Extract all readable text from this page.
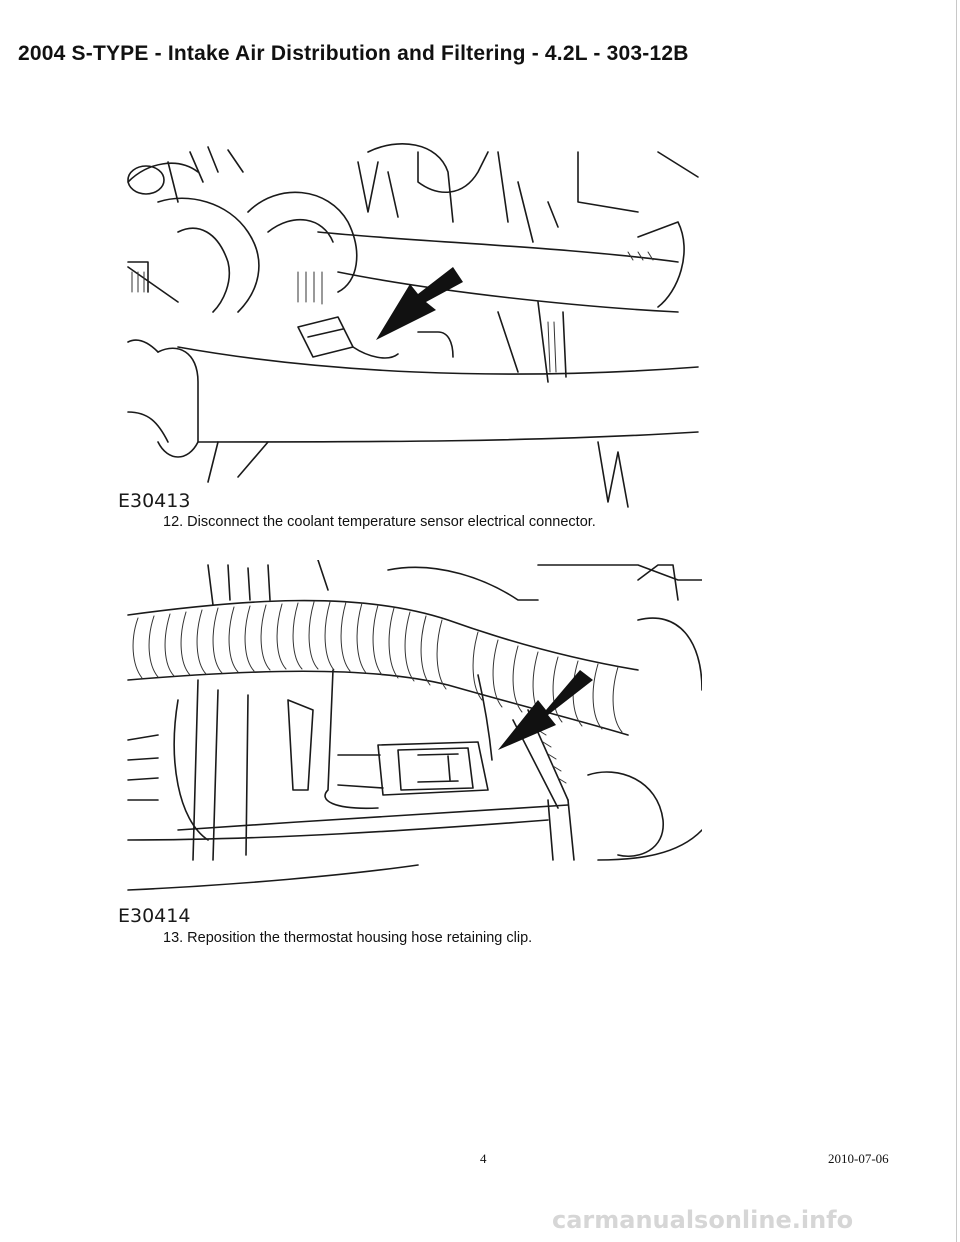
2004 S-TYPE - Intake Air Distribution and Filtering - 4.2L - 303-12B
E30413
12. Disconnect the coolant temperature sensor electrical connector.
E30414
13. Reposition the thermostat housing hose retaining clip.
4	2010-07-06
carmanualsonline.info
